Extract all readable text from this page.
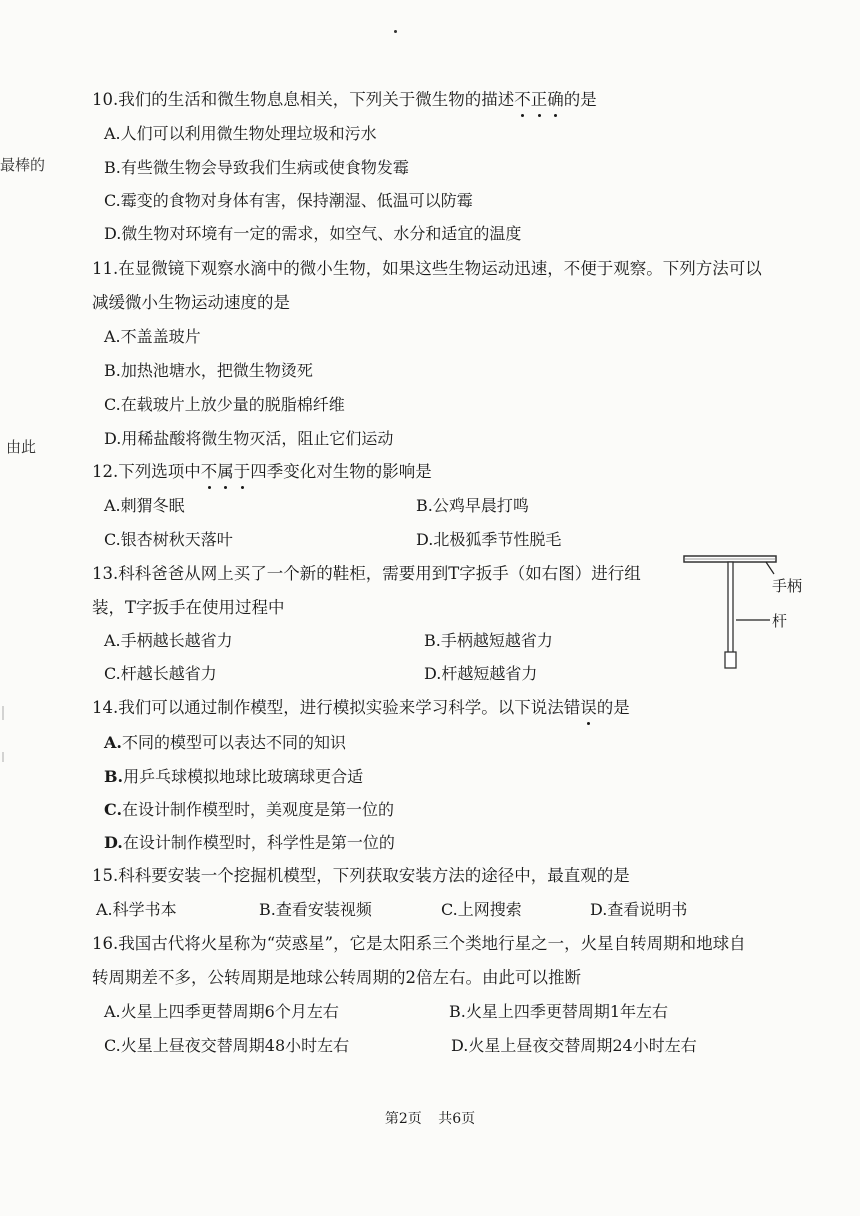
最棒的
由此
10.我们的生活和微生物息息相关，下列关于微生物的描述不正确的是
A.人们可以利用微生物处理垃圾和污水
B.有些微生物会导致我们生病或使食物发霉
C.霉变的食物对身体有害，保持潮湿、低温可以防霉
D.微生物对环境有一定的需求，如空气、水分和适宜的温度
11.在显微镜下观察水滴中的微小生物，如果这些生物运动迅速，不便于观察。下列方法可以
减缓微小生物运动速度的是
A.不盖盖玻片
B.加热池塘水，把微生物烫死
C.在载玻片上放少量的脱脂棉纤维
D.用稀盐酸将微生物灭活，阻止它们运动
12.下列选项中不属于四季变化对生物的影响是
A.刺猬冬眠	B.公鸡早晨打鸣
C.银杏树秋天落叶	D.北极狐季节性脱毛
13.科科爸爸从网上买了一个新的鞋柜，需要用到T字扳手（如右图）进行组
装，T字扳手在使用过程中
A.手柄越长越省力	B.手柄越短越省力
C.杆越长越省力	D.杆越短越省力
手柄
杆
14.我们可以通过制作模型，进行模拟实验来学习科学。以下说法错误的是
A.不同的模型可以表达不同的知识
B.用乒乓球模拟地球比玻璃球更合适
C.在设计制作模型时，美观度是第一位的
D.在设计制作模型时，科学性是第一位的
15.科科要安装一个挖掘机模型，下列获取安装方法的途径中，最直观的是
A.科学书本	B.查看安装视频	C.上网搜索	D.查看说明书
16.我国古代将火星称为“荧惑星”，它是太阳系三个类地行星之一，火星自转周期和地球自
转周期差不多，公转周期是地球公转周期的2倍左右。由此可以推断
A.火星上四季更替周期6个月左右	B.火星上四季更替周期1年左右
C.火星上昼夜交替周期48小时左右	D.火星上昼夜交替周期24小时左右
第2页 共6页
